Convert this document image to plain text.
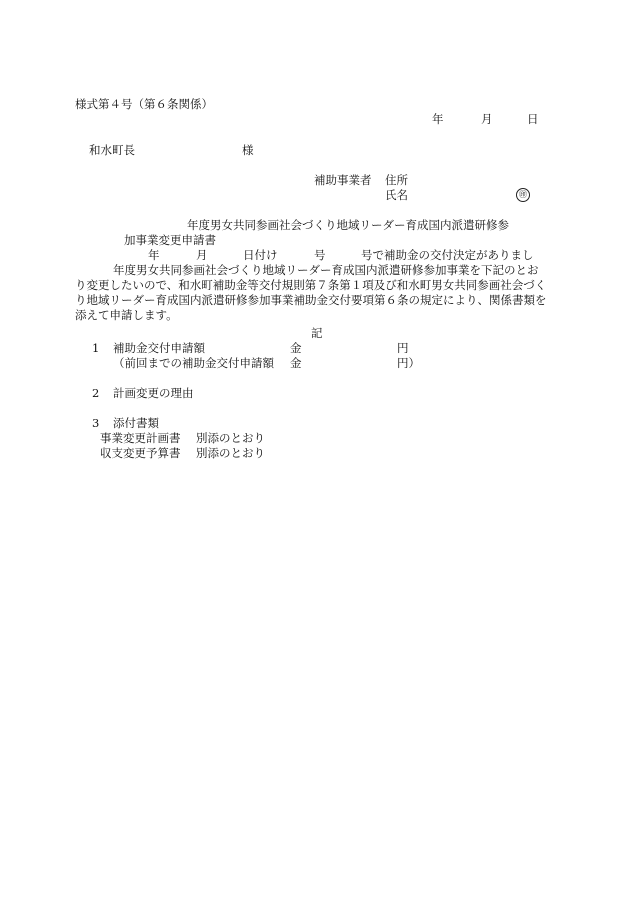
様式第４号（第６条関係）
年	月	日
和水町長	様
補助事業者 住所
氏名	㊞
年度男女共同参画社会づくり地域リーダー育成国内派遣研修参
加事業変更申請書
年	月	日付け	号	号で補助金の交付決定がありまし
年度男女共同参画社会づくり地域リーダー育成国内派遣研修参加事業を下記のとお
り変更したいので、和水町補助金等交付規則第７条第１項及び和水町男女共同参画社会づく
り地域リーダー育成国内派遣研修参加事業補助金交付要項第６条の規定により、関係書類を
添えて申請します。
記
1 補助金交付申請額	金	円
（前回までの補助金交付申請額 金	円）
2 計画変更の理由
3 添付書類
事業変更計画書 別添のとおり
収支変更予算書 別添のとおり
